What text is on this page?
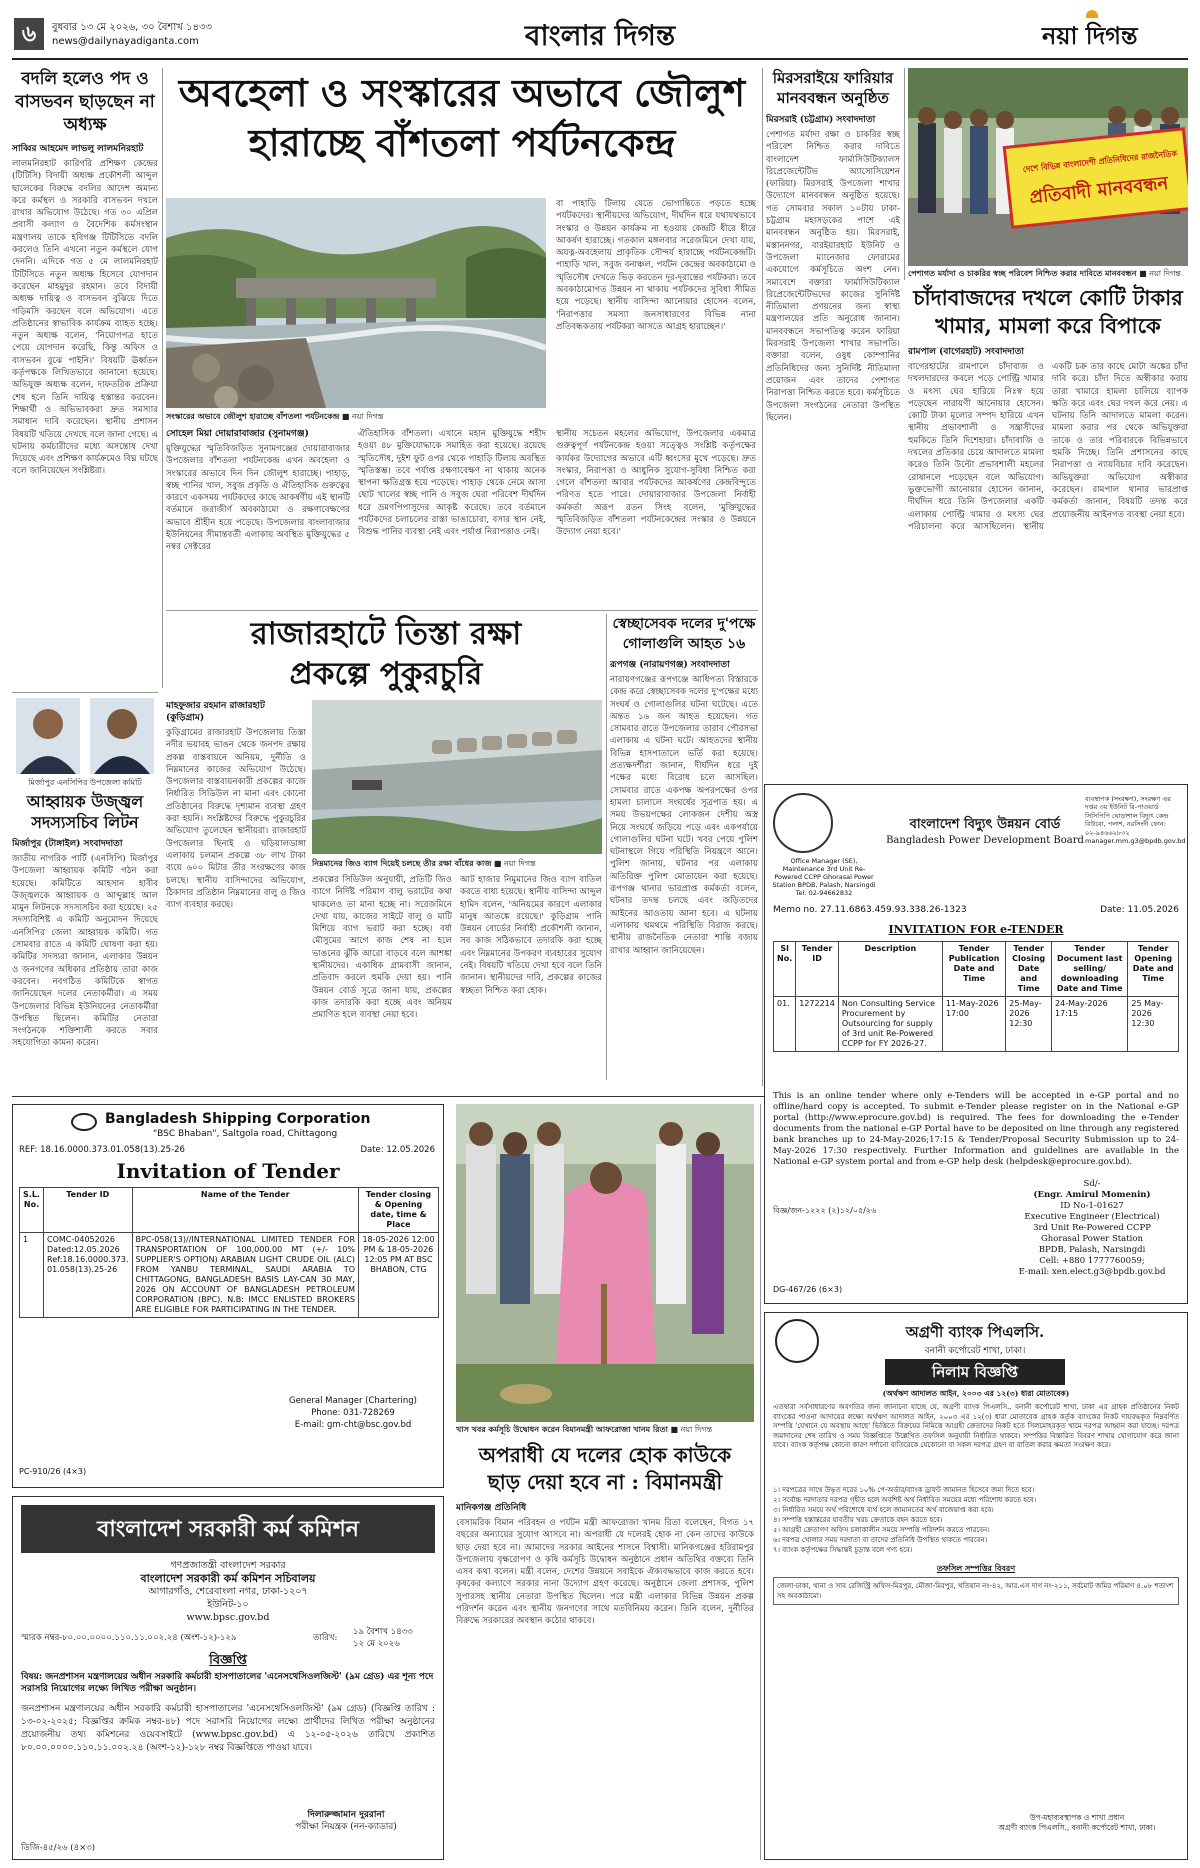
৬	বুধবার ১৩ মে ২০২৬, ৩০ বৈশাখ ১৪৩৩
news@dailynayadiganta.com	বাংলার দিগন্ত	নয়া দিগন্ত
বদলি হলেও পদ ও বাসভবন ছাড়ছেন না অধ্যক্ষ
সাব্বির আহমেদ লাভলু লালমনিরহাট
লালমনিরহাট কারিগরি প্রশিক্ষণ কেন্দ্রের (টিটিসি) বিদায়ী অধ্যক্ষ প্রকৌশলী আব্দুল ছালেকের বিরুদ্ধে বদলির আদেশ অমান্য করে কর্মস্থল ও সরকারি বাসভবন দখলে রাখার অভিযোগ উঠেছে। গত ৩০ এপ্রিল প্রবাসী কল্যাণ ও বৈদেশিক কর্মসংস্থান মন্ত্রণালয় তাকে হবিগঞ্জ টিটিসিতে বদলি করলেও তিনি এখনো নতুন কর্মস্থলে যোগ দেননি। এদিকে গত ৫ মে লালমনিরহাট টিটিসিতে নতুন অধ্যক্ষ হিসেবে যোগদান করেছেন মাহমুদুর রহমান। তবে বিদায়ী অধ্যক্ষ দায়িত্ব ও বাসভবন বুঝিয়ে দিতে গড়িমসি করছেন বলে অভিযোগ। এতে প্রতিষ্ঠানের স্বাভাবিক কার্যক্রম ব্যাহত হচ্ছে। নতুন অধ্যক্ষ বলেন, 'নিয়োগপত্র হাতে পেয়ে যোগদান করেছি, কিন্তু অফিস ও বাসভবন বুঝে পাইনি।' বিষয়টি ঊর্ধ্বতন কর্তৃপক্ষকে লিখিতভাবে জানানো হয়েছে। অভিযুক্ত অধ্যক্ষ বলেন, দাফতরিক প্রক্রিয়া শেষ হলে তিনি দায়িত্ব হস্তান্তর করবেন। শিক্ষার্থী ও অভিভাবকরা দ্রুত সমস্যার সমাধান দাবি করেছেন। স্থানীয় প্রশাসন বিষয়টি খতিয়ে দেখছে বলে জানা গেছে। এ ঘটনায় কর্মচারীদের মধ্যে অসন্তোষ দেখা দিয়েছে এবং প্রশিক্ষণ কার্যক্রমেও বিঘ্ন ঘটছে বলে জানিয়েছেন সংশ্লিষ্টরা।
অবহেলা ও সংস্কারের অভাবে জৌলুশ
হারাচ্ছে বাঁশতলা পর্যটনকেন্দ্র
সংস্কারের অভাবে জৌলুশ হারাচ্ছে বাঁশতলা পর্যটনকেন্দ্র ■ নয়া দিগন্ত
সোহেল মিয়া দোয়ারাবাজার (সুনামগঞ্জ)
মুক্তিযুদ্ধের স্মৃতিবিজড়িত সুনামগঞ্জের দোয়ারাবাজার উপজেলার বাঁশতলা পর্যটনকেন্দ্র এখন অবহেলা ও সংস্কারের অভাবে দিন দিন জৌলুশ হারাচ্ছে। পাহাড়, স্বচ্ছ পানির খাল, সবুজ প্রকৃতি ও ঐতিহাসিক গুরুত্বের কারণে একসময় পর্যটকদের কাছে আকর্ষণীয় এই স্থানটি বর্তমানে জরাজীর্ণ অবকাঠামো ও রক্ষণাবেক্ষণের অভাবে শ্রীহীন হয়ে পড়েছে। উপজেলার বাংলাবাজার ইউনিয়নের সীমান্তবর্তী এলাকায় অবস্থিত মুক্তিযুদ্ধের ৫ নম্বর সেক্টরের
ঐতিহাসিক বাঁশতলা। এখানে মহান মুক্তিযুদ্ধে শহীদ হওয়া ৪৮ মুক্তিযোদ্ধাকে সমাহিত করা হয়েছে। রয়েছে স্মৃতিসৌধ, দুইশ ফুট ওপর থেকে পাহাড়ি টিলায় অবস্থিত স্মৃতিস্তম্ভ। তবে পর্যাপ্ত রক্ষণাবেক্ষণ না থাকায় অনেক স্থাপনা ক্ষতিগ্রস্ত হয়ে পড়েছে। পাহাড় থেকে নেমে আসা ছোট খালের স্বচ্ছ পানি ও সবুজ ঘেরা পরিবেশ দীর্ঘদিন ধরে ভ্রমণপিপাসুদের আকৃষ্ট করেছে। তবে বর্তমানে পর্যটকদের চলাচলের রাস্তা ভাঙাচোরা, বসার স্থান নেই, বিশুদ্ধ পানির ব্যবস্থা নেই এবং পর্যাপ্ত নিরাপত্তাও নেই।
বা পাহাড়ি টিলায় যেতে ভোগান্তিতে পড়তে হচ্ছে পর্যটকদের। স্থানীয়দের অভিযোগ, দীর্ঘদিন ধরে যথাযথভাবে সংস্কার ও উন্নয়ন কার্যক্রম না হওয়ায় কেন্দ্রটি ধীরে ধীরে আকর্ষণ হারাচ্ছে। গতকাল মঙ্গলবার সরেজমিনে দেখা যায়, অযত্ন-অবহেলায় প্রাকৃতিক সৌন্দর্য হারাচ্ছে পর্যটনকেন্দ্রটি। পাহাড়ি খাল, সবুজ বনাঞ্চল, পর্যটন কেন্দ্রের অবকাঠামো ও স্মৃতিসৌধ দেখতে ভিড় করতেন দূর-দূরান্তের পর্যটকরা। তবে অবকাঠামোগত উন্নয়ন না থাকায় পর্যটকদের সুবিধা সীমিত হয়ে পড়েছে। স্থানীয় বাসিন্দা আনোয়ার হোসেন বলেন, 'নিরাপত্তার সমস্যা জনসাধারণের বিভিন্ন নানা প্রতিবন্ধকতায় পর্যটকরা আসতে আগ্রহ হারাচ্ছেন।'
স্থানীয় সচেতন মহলের অভিযোগ, উপজেলার একমাত্র গুরুত্বপূর্ণ পর্যটনকেন্দ্র হওয়া সত্ত্বেও সংশ্লিষ্ট কর্তৃপক্ষের কার্যকর উদ্যোগের অভাবে এটি ধ্বংসের মুখে পড়েছে। দ্রুত সংস্কার, নিরাপত্তা ও আধুনিক সুযোগ-সুবিধা নিশ্চিত করা গেলে বাঁশতলা আবার পর্যটকদের আকর্ষণের কেন্দ্রবিন্দুতে পরিণত হতে পারে। দোয়ারাবাজার উপজেলা নির্বাহী কর্মকর্তা অরূপ রতন সিংহ বলেন, 'মুক্তিযুদ্ধের স্মৃতিবিজড়িত বাঁশতলা পর্যটনকেন্দ্রের সংস্কার ও উন্নয়নে উদ্যোগ নেয়া হবে।'
মিরসরাইয়ে ফারিয়ার মানববন্ধন অনুষ্ঠিত
মিরসরাই (চট্টগ্রাম) সংবাদদাতা
পেশাগত মর্যাদা রক্ষা ও চাকরির স্বচ্ছ পরিবেশ নিশ্চিত করার দাবিতে বাংলাদেশ ফার্মাসিউটিক্যালস রিপ্রেজেন্টেটিভ অ্যাসোসিয়েশন (ফারিয়া) মিরসরাই উপজেলা শাখার উদ্যোগে মানববন্ধন অনুষ্ঠিত হয়েছে। গত সোমবার সকাল ১০টায় ঢাকা-চট্টগ্রাম মহাসড়কের পাশে এই মানববন্ধন অনুষ্ঠিত হয়। মিরসরাই, মস্তাননগর, বারইয়ারহাট ইউনিট ও উপজেলা ম্যানেজার ফোরামের একযোগে কর্মসূচিতে অংশ নেন। সমাবেশে বক্তারা ফার্মাসিউটিক্যাল রিপ্রেজেন্টেটিভদের কাজের সুনির্দিষ্ট নীতিমালা প্রণয়নের জন্য স্বাস্থ্য মন্ত্রণালয়ের প্রতি অনুরোধ জানান। মানববন্ধনে সভাপতিত্ব করেন ফারিয়া মিরসরাই উপজেলা শাখার সভাপতি। বক্তারা বলেন, ওষুধ কোম্পানির প্রতিনিধিদের জন্য সুনির্দিষ্ট নীতিমালা প্রয়োজন এবং তাদের পেশাগত নিরাপত্তা নিশ্চিত করতে হবে। কর্মসূচিতে উপজেলা সংগঠনের নেতারা উপস্থিত ছিলেন।
দেশে বিভিন্ন বাংলাদেশী প্রতিনিধিদের রাজনৈতিক
প্রতিবাদী মানববন্ধন
পেশাগত মর্যাদা ও চাকরির স্বচ্ছ পরিবেশ নিশ্চিত করার দাবিতে মানববন্ধন ■ নয়া দিগন্ত
চাঁদাবাজদের দখলে কোটি টাকার খামার, মামলা করে বিপাকে
রামপাল (বাগেরহাট) সংবাদদাতা
বাগেরহাটের রামপালে চাঁদাবাজ ও দখলদারদের কবলে পড়ে পোল্ট্রি খামার ও মৎস্য ঘের হারিয়ে নিঃস্ব হয়ে পড়েছেন নারায়ণী আনোয়ার হোসেন। কোটি টাকা মূল্যের সম্পদ হারিয়ে এখন স্থানীয় প্রভাবশালী ও সন্ত্রাসীদের হুমকিতে তিনি দিশেহারা। চাঁদাবাজি ও দখলের প্রতিকার চেয়ে আদালতে মামলা করেও তিনি উল্টো প্রভাবশালী মহলের রোষানলে পড়েছেন বলে অভিযোগ। ভুক্তভোগী আনোয়ার হোসেন জানান, দীর্ঘদিন ধরে তিনি উপজেলার একটি এলাকায় পোল্ট্রি খামার ও মৎস্য ঘের পরিচালনা করে আসছিলেন। স্থানীয় একটি চক্র তার কাছে মোটা অঙ্কের চাঁদা দাবি করে। চাঁদা দিতে অস্বীকার করায় তারা খামারে হামলা চালিয়ে ব্যাপক ক্ষতি করে এবং ঘের দখল করে নেয়। এ ঘটনায় তিনি আদালতে মামলা করেন। মামলা করার পর থেকে অভিযুক্তরা তাকে ও তার পরিবারকে বিভিন্নভাবে হুমকি দিচ্ছে। তিনি প্রশাসনের কাছে নিরাপত্তা ও ন্যায়বিচার দাবি করেছেন। অভিযুক্তরা অভিযোগ অস্বীকার করেছেন। রামপাল থানার ভারপ্রাপ্ত কর্মকর্তা জানান, বিষয়টি তদন্ত করে প্রয়োজনীয় আইনগত ব্যবস্থা নেয়া হবে।
রাজারহাটে তিস্তা রক্ষা
প্রকল্পে পুকুরচুরি
নিম্নমানের জিও ব্যাগ দিয়েই চলছে তীর রক্ষা বাঁধের কাজ ■ নয়া দিগন্ত
মাহফুজার রহমান রাজারহাট (কুড়িগ্রাম)
কুড়িগ্রামের রাজারহাট উপজেলায় তিস্তা নদীর ভয়াবহ ভাঙন থেকে জনপদ রক্ষায় প্রকল্প বাস্তবায়নে অনিয়ম, দুর্নীতি ও নিম্নমানের কাজের অভিযোগ উঠেছে। উপজেলার বাস্তবায়নকারী প্রকল্পের কাজে নির্ধারিত সিডিউল না মানা এবং কোনো প্রতিষ্ঠানের বিরুদ্ধে দৃশ্যমান ব্যবস্থা গ্রহণ করা হয়নি। সংশ্লিষ্টদের বিরুদ্ধে পুকুরচুরির অভিযোগ তুলেছেন স্থানীয়রা। রাজারহাট উপজেলার ছিনাই ও ঘড়িয়ালডাঙ্গা এলাকায় চলমান প্রকল্পে ৩৮ লাখ টাকা ব্যয়ে ৬০০ মিটার তীর সংরক্ষণের কাজ চলছে। স্থানীয় বাসিন্দাদের অভিযোগ, ঠিকাদার প্রতিষ্ঠান নিম্নমানের বালু ও জিও ব্যাগ ব্যবহার করছে।
প্রকল্পের সিডিউল অনুযায়ী, প্রতিটি জিও ব্যাগে নির্দিষ্ট পরিমাণ বালু ভরাটের কথা থাকলেও তা মানা হচ্ছে না। সরেজমিনে দেখা যায়, কাজের সাইটে বালু ও মাটি মিশিয়ে ব্যাগ ভরাট করা হচ্ছে। বর্ষা মৌসুমের আগে কাজ শেষ না হলে ভাঙনের ঝুঁকি আরো বাড়বে বলে আশঙ্কা স্থানীয়দের। একাধিক গ্রামবাসী জানান, প্রতিবাদ করলে হুমকি দেয়া হয়। পানি উন্নয়ন বোর্ড সূত্রে জানা যায়, প্রকল্পের কাজ তদারকি করা হচ্ছে এবং অনিয়ম প্রমাণিত হলে ব্যবস্থা নেয়া হবে।
আট হাজার নিমুমানের জিও ব্যাগ বাতিল করতে বাধ্য হয়েছে। স্থানীয় বাসিন্দা আব্দুল হামিদ বলেন, 'অনিয়মের কারণে এলাকার মানুষ আতঙ্কে রয়েছে।' কুড়িগ্রাম পানি উন্নয়ন বোর্ডের নির্বাহী প্রকৌশলী জানান, সব কাজ সঠিকভাবে তদারকি করা হচ্ছে এবং নিম্নমানের উপকরণ ব্যবহারের সুযোগ নেই। বিষয়টি খতিয়ে দেখা হবে বলে তিনি জানান। স্থানীয়দের দাবি, প্রকল্পের কাজের স্বচ্ছতা নিশ্চিত করা হোক।
স্বেচ্ছাসেবক দলের দু'পক্ষে গোলাগুলি আহত ১৬
রূপগঞ্জ (নারায়ণগঞ্জ) সংবাদদাতা
নারায়ণগঞ্জের রূপগঞ্জে আধিপত্য বিস্তারকে কেন্দ্র করে স্বেচ্ছাসেবক দলের দু'পক্ষের মধ্যে সংঘর্ষ ও গোলাগুলির ঘটনা ঘটেছে। এতে অন্তত ১৬ জন আহত হয়েছেন। গত সোমবার রাতে উপজেলার তারাব পৌরসভা এলাকায় এ ঘটনা ঘটে। আহতদের স্থানীয় বিভিন্ন হাসপাতালে ভর্তি করা হয়েছে। প্রত্যক্ষদর্শীরা জানান, দীর্ঘদিন ধরে দুই পক্ষের মধ্যে বিরোধ চলে আসছিল। সোমবার রাতে একপক্ষ অপরপক্ষের ওপর হামলা চালালে সংঘর্ষের সূত্রপাত হয়। এ সময় উভয়পক্ষের লোকজন দেশীয় অস্ত্র নিয়ে সংঘর্ষে জড়িয়ে পড়ে এবং একপর্যায়ে গোলাগুলির ঘটনা ঘটে। খবর পেয়ে পুলিশ ঘটনাস্থলে গিয়ে পরিস্থিতি নিয়ন্ত্রণে আনে। পুলিশ জানায়, ঘটনার পর এলাকায় অতিরিক্ত পুলিশ মোতায়েন করা হয়েছে। রূপগঞ্জ থানার ভারপ্রাপ্ত কর্মকর্তা বলেন, ঘটনার তদন্ত চলছে এবং জড়িতদের আইনের আওতায় আনা হবে। এ ঘটনায় এলাকায় থমথমে পরিস্থিতি বিরাজ করছে। স্থানীয় রাজনৈতিক নেতারা শান্তি বজায় রাখার আহ্বান জানিয়েছেন।
মির্জাপুর এনসিপির উপজেলা কমিটি
আহ্বায়ক উজ্জ্বল সদস্যসচিব লিটন
মির্জাপুর (টাঙ্গাইল) সংবাদদাতা
জাতীয় নাগরিক পার্টি (এনসিপি) মির্জাপুর উপজেলা আহ্বায়ক কমিটি গঠন করা হয়েছে। কমিটিতে আহসান হাবীব উজ্জ্বলকে আহ্বায়ক ও আব্দুল্লাহ আল মামুন লিটনকে সদস্যসচিব করা হয়েছে। ২৫ সদস্যবিশিষ্ট এ কমিটি অনুমোদন দিয়েছে এনসিপির জেলা আহ্বায়ক কমিটি। গত সোমবার রাতে এ কমিটি ঘোষণা করা হয়। কমিটির সদস্যরা জানান, এলাকার উন্নয়ন ও জনগণের অধিকার প্রতিষ্ঠায় তারা কাজ করবেন। নবগঠিত কমিটিকে স্বাগত জানিয়েছেন দলের নেতাকর্মীরা। এ সময় উপজেলার বিভিন্ন ইউনিয়নের নেতাকর্মীরা উপস্থিত ছিলেন। কমিটির নেতারা সংগঠনকে শক্তিশালী করতে সবার সহযোগিতা কামনা করেন।
Office Manager (SE), Maintenance 3rd Unit Re-Powered CCPP Ghorasal Power Station BPDB, Palash, Narsingdi Tel: 02-94662832
বাংলাদেশ বিদ্যুৎ উন্নয়ন বোর্ড
Bangladesh Power Development Board
ব্যবস্থাপক (সংরক্ষণ), সংরক্ষণ এর দপ্তর ৩য় ইউনিট রি-পাওয়ার্ড সিসিপিপি ঘোড়াশাল বিদ্যুৎ কেন্দ্র বিউবো, পলাশ, নরসিংদী ফোন: ০২-৯৪৬৬২৮৩২ manager.mm.g3@bpdb.gov.bd
Memo no. 27.11.6863.459.93.338.26-1323	Date: 11.05.2026
INVITATION FOR e-TENDER
Sl No.	Tender ID	Description	Tender Publication Date and Time	Tender Closing Date and Time	Tender Document last selling/ downloading Date and Time	Tender Opening Date and Time
01.	1272214	Non Consulting Service Procurement by Outsourcing for supply of 3rd unit Re-Powered CCPP for FY 2026-27.	11-May-2026 17:00	25-May-2026 12:30	24-May-2026 17:15	25 May-2026 12:30
This is an online tender where only e-Tenders will be accepted in e-GP portal and no offline/hard copy is accepted. To submit e-Tender please register on in the National e-GP portal (http://www.eprocure.gov.bd) is required. The fees for downloading the e-Tender documents from the national e-GP Portal have to be deposited on line through any registered bank branches up to 24-May-2026;17:15 & Tender/Proposal Security Submission up to 24-May-2026 17:30 respectively. Further Information and guidelines are available in the National e-GP system portal and from e-GP help desk (helpdesk@eprocure.gov.bd).
Sd/-
(Engr. Amirul Momenin)
ID No-1-01627
Executive Engineer (Electrical)
3rd Unit Re-Powered CCPP
Ghorasal Power Station
BPDB, Palash, Narsingdi
Cell: +880 1777760059;
E-mail: xen.elect.g3@bpdb.gov.bd
বিজ্ঞ/জন-১২২২ (২)১২/০৫/২৬
DG-467/26 (6×3)
Bangladesh Shipping Corporation
"BSC Bhaban", Saltgola road, Chittagong
REF: 18.16.0000.373.01.058(13).25-26	Date: 12.05.2026
Invitation of Tender
S.L. No.	Tender ID	Name of the Tender	Tender closing & Opening date, time & Place
1	COMC-04052026 Dated:12.05.2026 Ref:18.16.0000.373. 01.058(13).25-26	BPC-058(13)//INTERNATIONAL LIMITED TENDER FOR TRANSPORTATION OF 100,000.00 MT (+/- 10% SUPPLIER'S OPTION) ARABIAN LIGHT CRUDE OIL (ALC) FROM YANBU TERMINAL, SAUDI ARABIA TO CHITTAGONG, BANGLADESH BASIS LAY-CAN 30 MAY, 2026 ON ACCOUNT OF BANGLADESH PETROLEUM CORPORATION (BPC). N.B: IMCC ENLISTED BROKERS ARE ELIGIBLE FOR PARTICIPATING IN THE TENDER.	18-05-2026 12:00 PM & 18-05-2026 12:05 PM AT BSC BHABON, CTG
General Manager (Chartering)
Phone: 031-728269
E-mail: gm-cht@bsc.gov.bd
PC-910/26 (4×3)
বাংলাদেশ সরকারী কর্ম কমিশন
গণপ্রজাতন্ত্রী বাংলাদেশ সরকার
বাংলাদেশ সরকারী কর্ম কমিশন সচিবালয়
আগারগাঁও, শেরেবাংলা নগর, ঢাকা-১২০৭
ইউনিট-১০
www.bpsc.gov.bd
স্মারক নম্বর-৮০.০০.০০০০.১১০.১১.০০২.২৪ (অংশ-১২)-১২৯	তারিখ:
১৯ বৈশাখ ১৪৩৩
১২ মে ২০২৬
বিজ্ঞপ্তি
বিষয়: জনপ্রশাসন মন্ত্রণালয়ের অধীন সরকারি কর্মচারী হাসপাতালের 'এনেসথেসিওলজিস্ট' (৯ম গ্রেড) এর শূন্য পদে সরাসরি নিয়োগের লক্ষ্যে লিখিত পরীক্ষা অনুষ্ঠান।
জনপ্রশাসন মন্ত্রণালয়ের অধীন সরকারি কর্মচারী হাসপাতালের 'এনেসথেসিওলজিস্ট' (৯ম গ্রেড) (বিজ্ঞপ্তি তারিখ : ১৩-০২-২০২৫; বিজ্ঞপ্তির ক্রমিক নম্বর-৪৮) পদে সরাসরি নিয়োগের লক্ষ্যে প্রার্থীদের লিখিত পরীক্ষা অনুষ্ঠানের প্রয়োজনীয় তথ্য কমিশনের ওয়েবসাইটে (www.bpsc.gov.bd) এ ১২-০৫-২০২৬ তারিখে প্রকাশিত ৮০.০০.০০০০.১১০.১১.০০২.২৪ (অংশ-১২)-১২৮ নম্বর বিজ্ঞপ্তিতে পাওয়া যাবে।
দিলারুজ্জামান দুররানা
পরীক্ষা নিয়ন্ত্রক (নন-ক্যাডার)
ডিজি-৪৫/২৬ (৪×৩)
খাস খবর কর্মসূচি উদ্বোধন করেন বিমানমন্ত্রী আফরোজা খানম রিতা ■ নয়া দিগন্ত
অপরাধী যে দলের হোক কাউকে
ছাড় দেয়া হবে না : বিমানমন্ত্রী
মানিকগঞ্জ প্রতিনিধি
বেসামরিক বিমান পরিবহন ও পর্যটন মন্ত্রী আফরোজা খানম রিতা বলেছেন, বিগত ১৭ বছরের অন্যায়ের সুযোগ আসবে না। অপরাধী যে দলেরই হোক না কেন তাদের কাউকে ছাড় দেয়া হবে না। আমাদের সরকার আইনের শাসনে বিশ্বাসী। মানিকগঞ্জের হরিরামপুর উপজেলায় বৃক্ষরোপণ ও কৃষি কর্মসূচি উদ্বোধন অনুষ্ঠানে প্রধান অতিথির বক্তব্যে তিনি এসব কথা বলেন। মন্ত্রী বলেন, দেশের উন্নয়নে সবাইকে ঐক্যবদ্ধভাবে কাজ করতে হবে। কৃষকের কল্যাণে সরকার নানা উদ্যোগ গ্রহণ করেছে। অনুষ্ঠানে জেলা প্রশাসক, পুলিশ সুপারসহ স্থানীয় নেতারা উপস্থিত ছিলেন। পরে মন্ত্রী এলাকার বিভিন্ন উন্নয়ন প্রকল্প পরিদর্শন করেন এবং স্থানীয় জনগণের সাথে মতবিনিময় করেন। তিনি বলেন, দুর্নীতির বিরুদ্ধে সরকারের অবস্থান কঠোর থাকবে।
অগ্রণী ব্যাংক পিএলসি.
বনানী কর্পোরেট শাখা, ঢাকা।
নিলাম বিজ্ঞপ্তি
(অর্থঋণ আদালত আইন, ২০০৩ এর ১২(৩) ধারা মোতাবেক)
এতদ্বারা সর্বসাধারণের অবগতির জন্য জানানো যাচ্ছে যে, অগ্রণী ব্যাংক পিএলসি., বনানী কর্পোরেট শাখা, ঢাকা এর গ্রাহক প্রতিষ্ঠানের নিকট ব্যাংকের পাওনা আদায়ের লক্ষ্যে অর্থঋণ আদালত আইন, ২০০৩ এর ১২(৩) ধারা মোতাবেক গ্রাহক কর্তৃক ব্যাংকের নিকট দায়বদ্ধকৃত নিম্নবর্ণিত সম্পত্তি 'যেখানে যে অবস্থায় আছে' ভিত্তিতে বিক্রয়ের নিমিত্তে আগ্রহী ক্রেতাদের নিকট হতে সিলমোহরকৃত খামে দরপত্র আহ্বান করা যাচ্ছে। দরপত্র জমাদানের শেষ তারিখ ও সময় বিজ্ঞপ্তিতে উল্লেখিত তফসিল অনুযায়ী নির্ধারিত থাকবে। সম্পত্তির বিস্তারিত বিবরণ শাখায় যোগাযোগ করে জানা যাবে। ব্যাংক কর্তৃপক্ষ কোনো কারণ দর্শানো ব্যতিরেকে যেকোনো বা সকল দরপত্র গ্রহণ বা বাতিল করার ক্ষমতা সংরক্ষণ করে।
১। দরপত্রের সাথে উদ্ধৃত দরের ১০% পে-অর্ডার/ব্যাংক ড্রাফট জামানত হিসেবে জমা দিতে হবে।
২। সর্বোচ্চ দরদাতার দরপত্র গৃহীত হলে অবশিষ্ট অর্থ নির্ধারিত সময়ের মধ্যে পরিশোধ করতে হবে।
৩। নির্ধারিত সময়ে অর্থ পরিশোধে ব্যর্থ হলে জামানতের অর্থ বাজেয়াপ্ত করা হবে।
৪। সম্পত্তি হস্তান্তরের যাবতীয় খরচ ক্রেতাকে বহন করতে হবে।
৫। আগ্রহী ক্রেতাগণ অফিস চলাকালীন সময়ে সম্পত্তি পরিদর্শন করতে পারবেন।
৬। দরপত্র খোলার সময় দরদাতা বা তাদের প্রতিনিধি উপস্থিত থাকতে পারবেন।
৭। ব্যাংক কর্তৃপক্ষের সিদ্ধান্তই চূড়ান্ত বলে গণ্য হবে।
তফসিল সম্পত্তির বিবরণ
জেলা-ঢাকা, থানা ও সাব রেজিস্ট্রি অফিস-মিরপুর, মৌজা-মিরপুর, খতিয়ান নং-৪২, আর.এস দাগ নং-২১১, সর্বমোট জমির পরিমাণ ৪.০৮ শতাংশ সহ অবকাঠামো।
উপ-মহাব্যবস্থাপক ও শাখা প্রধান
অগ্রণী ব্যাংক পিএলসি., বনানী কর্পোরেট শাখা, ঢাকা।
